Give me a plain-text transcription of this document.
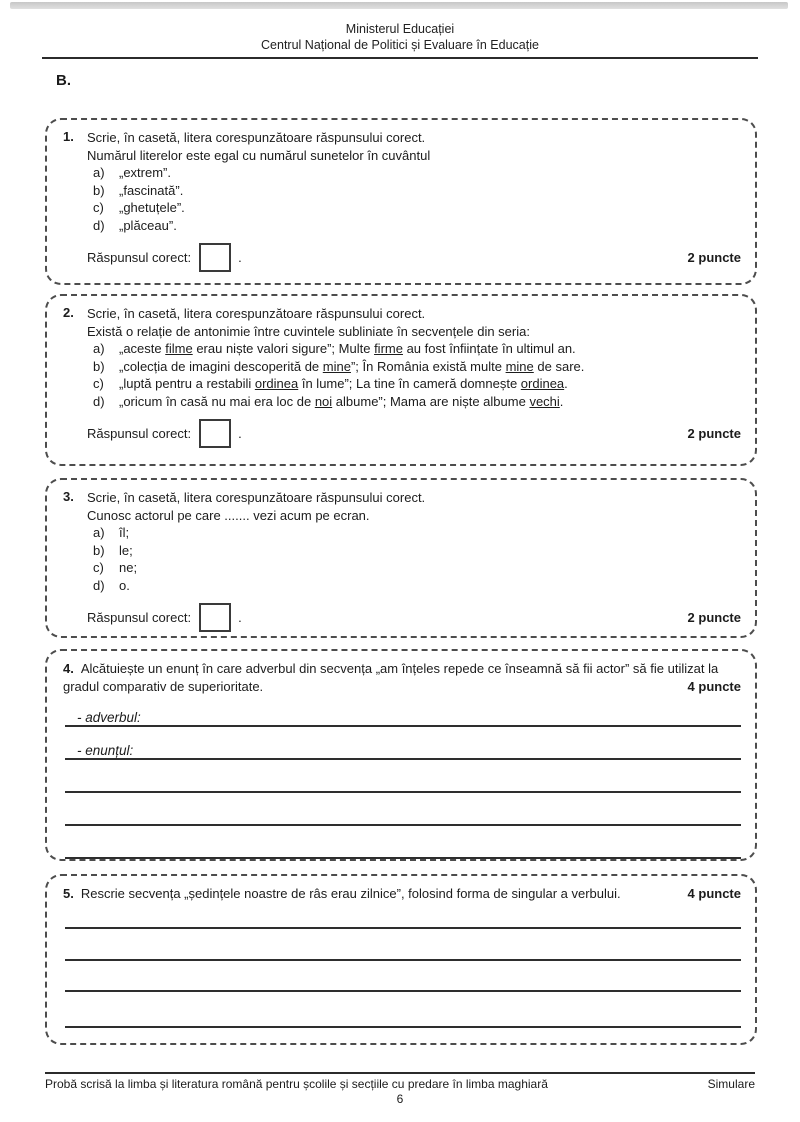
Ministerul Educației
Centrul Național de Politici și Evaluare în Educație
B.
1.	Scrie, în casetă, litera corespunzătoare răspunsului corect.
Numărul literelor este egal cu numărul sunetelor în cuvântul
a)	„extrem”.
b)	„fascinată”.
c)	„ghetuțele”.
d)	„plăceau”.
Răspunsul corect:	.	2 puncte
2.	Scrie, în casetă, litera corespunzătoare răspunsului corect.
Există o relație de antonimie între cuvintele subliniate în secvențele din seria:
a)	„aceste filme erau niște valori sigure”; Multe firme au fost înființate în ultimul an.
b)	„colecția de imagini descoperită de mine”; În România există multe mine de sare.
c)	„luptă pentru a restabili ordinea în lume”; La tine în cameră domnește ordinea.
d)	„oricum în casă nu mai era loc de noi albume”; Mama are niște albume vechi.
Răspunsul corect:	.	2 puncte
3.	Scrie, în casetă, litera corespunzătoare răspunsului corect.
Cunosc actorul pe care ....... vezi acum pe ecran.
a)	îl;
b)	le;
c)	ne;
d)	o.
Răspunsul corect:	.	2 puncte
4. Alcătuiește un enunț în care adverbul din secvența „am înțeles repede ce înseamnă să fii actor” să fie utilizat la gradul comparativ de superioritate.	4 puncte
- adverbul:
- enunțul:
5. Rescrie secvența „ședințele noastre de râs erau zilnice”, folosind forma de singular a verbului.	4 puncte
Probă scrisă la limba și literatura română pentru școlile și secțiile cu predare în limba maghiară	Simulare
6
